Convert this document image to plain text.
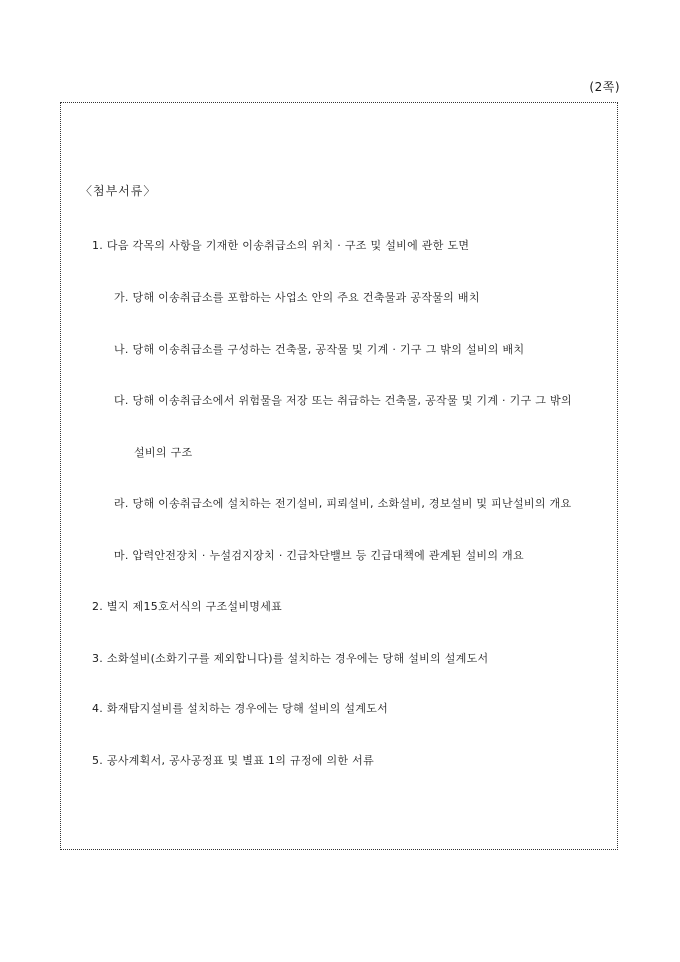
(2쪽)
〈첨부서류〉
1. 다음 각목의 사항을 기재한 이송취급소의 위치 · 구조 및 설비에 관한 도면
가. 당해 이송취급소를 포함하는 사업소 안의 주요 건축물과 공작물의 배치
나. 당해 이송취급소를 구성하는 건축물, 공작물 및 기계 · 기구 그 밖의 설비의 배치
다. 당해 이송취급소에서 위험물을 저장 또는 취급하는 건축물, 공작물 및 기계 · 기구 그 밖의
설비의 구조
라. 당해 이송취급소에 설치하는 전기설비, 피뢰설비, 소화설비, 경보설비 및 피난설비의 개요
마. 압력안전장치 · 누설검지장치 · 긴급차단밸브 등 긴급대책에 관계된 설비의 개요
2. 별지 제15호서식의 구조설비명세표
3. 소화설비(소화기구를 제외합니다)를 설치하는 경우에는 당해 설비의 설계도서
4. 화재탐지설비를 설치하는 경우에는 당해 설비의 설계도서
5. 공사계획서, 공사공정표 및 별표 1의 규정에 의한 서류
